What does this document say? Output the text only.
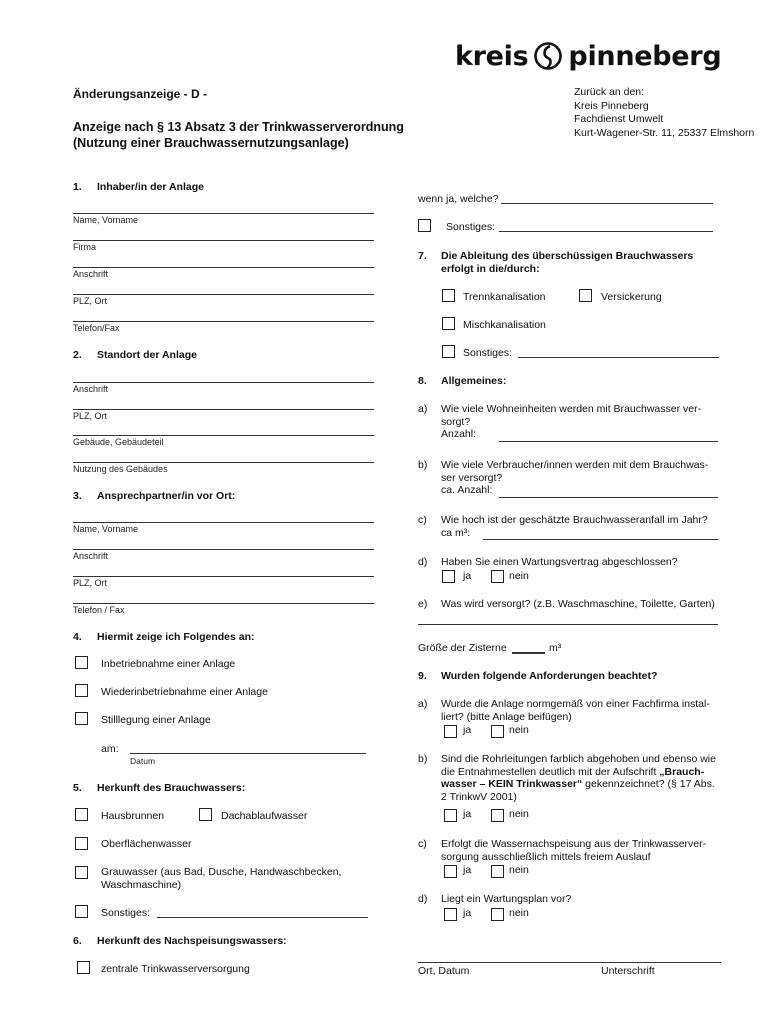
kreis pinneberg
Änderungsanzeige - D -
Anzeige nach § 13 Absatz 3 der Trinkwasserverordnung
(Nutzung einer Brauchwassernutzungsanlage)
Zurück an den:
Kreis Pinneberg
Fachdienst Umwelt
Kurt-Wagener-Str. 11, 25337 Elmshorn
1. Inhaber/in der Anlage
Name, Vorname
Firma
Anschrift
PLZ, Ort
Telefon/Fax
2. Standort der Anlage
Anschrift
PLZ, Ort
Gebäude, Gebäudeteil
Nutzung des Gebäudes
3. Ansprechpartner/in vor Ort:
Name, Vorname
Anschrift
PLZ, Ort
Telefon / Fax
4. Hiermit zeige ich Folgendes an:
Inbetriebnahme einer Anlage
Wiederinbetriebnahme einer Anlage
Stilllegung einer Anlage
am:
Datum
5. Herkunft des Brauchwassers:
Hausbrunnen	Dachablaufwasser
Oberflächenwasser
Grauwasser (aus Bad, Dusche, Handwaschbecken,
Waschmaschine)
Sonstiges:
6. Herkunft des Nachspeisungswassers:
zentrale Trinkwasserversorgung
wenn ja, welche?
Sonstiges:
7. Die Ableitung des überschüssigen Brauchwassers
erfolgt in die/durch:
Trennkanalisation	Versickerung
Mischkanalisation
Sonstiges:
8. Allgemeines:
a) Wie viele Wohneinheiten werden mit Brauchwasser ver-
sorgt?
Anzahl:
b) Wie viele Verbraucher/innen werden mit dem Brauchwas-
ser versorgt?
ca. Anzahl:
c) Wie hoch ist der geschätzte Brauchwasseranfall im Jahr?
ca m³:
d) Haben Sie einen Wartungsvertrag abgeschlossen?
ja	nein
e) Was wird versorgt? (z.B. Waschmaschine, Toilette, Garten)
Größe der Zisterne	m³
9. Wurden folgende Anforderungen beachtet?
a) Wurde die Anlage normgemäß von einer Fachfirma instal-
liert? (bitte Anlage beifügen)
ja	nein
b) Sind die Rohrleitungen farblich abgehoben und ebenso wie
die Entnahmestellen deutlich mit der Aufschrift „Brauch-
wasser – KEIN Trinkwasser“ gekennzeichnet? (§ 17 Abs.
2 TrinkwV 2001)
ja	nein
c) Erfolgt die Wassernachspeisung aus der Trinkwasserver-
sorgung ausschließlich mittels freiem Auslauf
ja	nein
d) Liegt ein Wartungsplan vor?
ja	nein
Ort, Datum	Unterschrift
